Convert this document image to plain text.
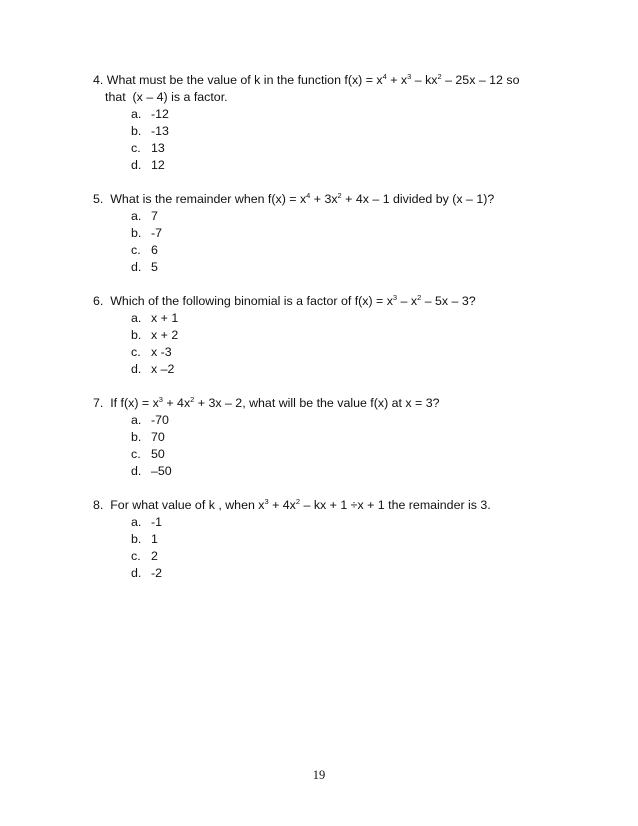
4. What must be the value of k in the function $f(x) = x^4 + x^3 - kx^2 - 25x - 12$ so
that  (x – 4) is a factor.
a. -12
b. -13
c. 13
d. 12
5.  What is the remainder when $f(x) = x^4 + 3x^2 + 4x - 1$ divided by (x – 1)?
a. 7
b. -7
c. 6
d. 5
6.  Which of the following binomial is a factor of $f(x) = x^3 - x^2 - 5x - 3$?
a. x + 1
b. x + 2
c. x -3
d. x –2
7.  If $f(x) = x^3 + 4x^2 + 3x - 2$, what will be the value f(x) at x = 3?
a. -70
b. 70
c. 50
d. –50
8.  For what value of k , when $x^3 + 4x^2$ – kx + 1 ÷x + 1 the remainder is 3.
a. -1
b. 1
c. 2
d. -2
19
